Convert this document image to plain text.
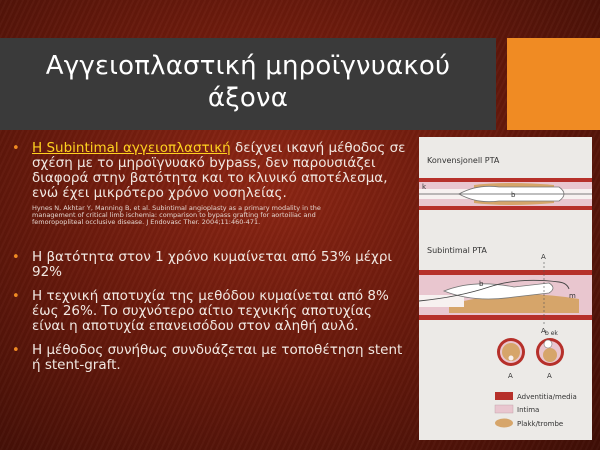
Αγγειοπλαστική μηροϊγνυακού

άξονα

• Η Subintimal αγγειοπλαστική δείχνει ικανή μέθοδος σε σχέση με το μηροϊγνυακό bypass, δεν παρουσιάζει διαφορά στην βατότητα και το κλινικό αποτέλεσμα, ενώ έχει μικρότερο χρόνο νοσηλείας.

Hynes N, Akhtar Y, Manning B, et al. Subintimal angioplasty as a primary modality in the management of critical limb ischemia: comparison to bypass grafting for aortoiliac and femoropopliteal occlusive disease. J Endovasc Ther. 2004;11:460-471.

• Η βατότητα στον 1 χρόνο κυμαίνεται από 53% μέχρι 92%

• Η τεχνική αποτυχία της μεθόδου κυμαίνεται από 8% έως 26%. Το συχνότερο αίτιο τεχνικής αποτυχίας είναι η αποτυχία επανεισόδου στον αληθή αυλό.

• Η μέθοδος συνήθως συνδυάζεται με τοποθέτηση stent ή stent-graft.

Konvensjonell PTA
k
b
Subintimal PTA
A
b
m
A
A
b ek
A
Adventitia/media
Intima
Plakk/trombe
